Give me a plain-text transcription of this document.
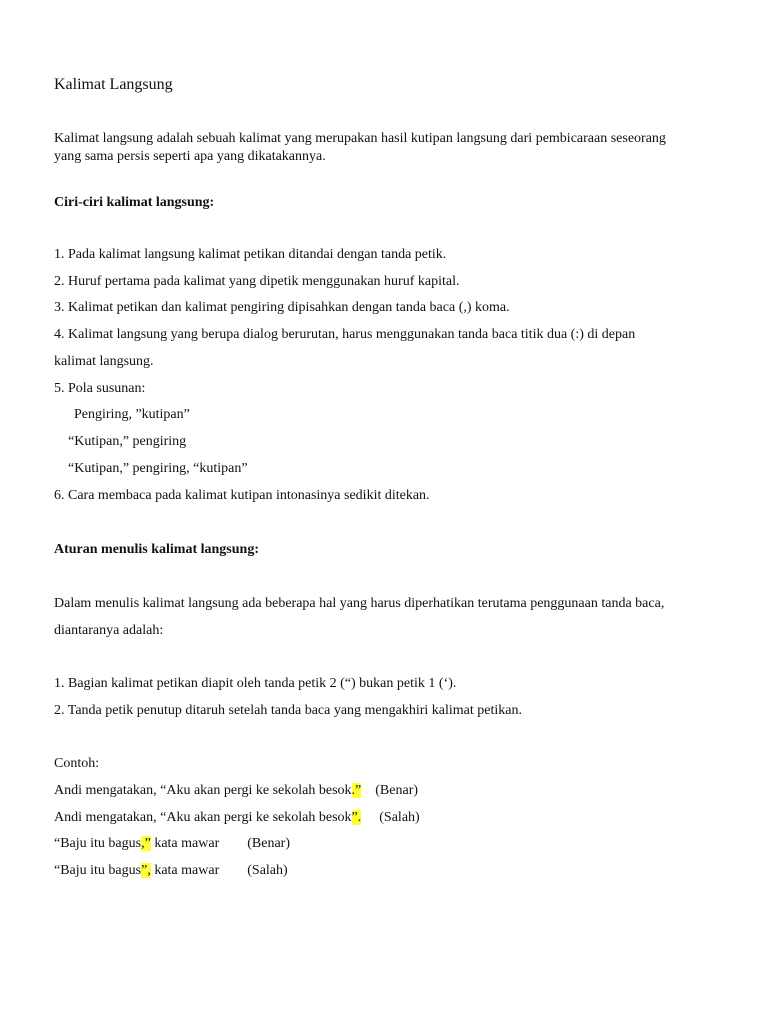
Kalimat Langsung
Kalimat langsung adalah sebuah kalimat yang merupakan hasil kutipan langsung dari pembicaraan seseorang
yang sama persis seperti apa yang dikatakannya.
Ciri-ciri kalimat langsung:
1. Pada kalimat langsung kalimat petikan ditandai dengan tanda petik.
2. Huruf pertama pada kalimat yang dipetik menggunakan huruf kapital.
3. Kalimat petikan dan kalimat pengiring dipisahkan dengan tanda baca (,) koma.
4. Kalimat langsung yang berupa dialog berurutan, harus menggunakan tanda baca titik dua (:) di depan
kalimat langsung.
5. Pola susunan:
Pengiring, ”kutipan”
“Kutipan,” pengiring
“Kutipan,” pengiring, “kutipan”
6. Cara membaca pada kalimat kutipan intonasinya sedikit ditekan.
Aturan menulis kalimat langsung:
Dalam menulis kalimat langsung ada beberapa hal yang harus diperhatikan terutama penggunaan tanda baca,
diantaranya adalah:
1. Bagian kalimat petikan diapit oleh tanda petik 2 (“) bukan petik 1 (‘).
2. Tanda petik penutup ditaruh setelah tanda baca yang mengakhiri kalimat petikan.
Contoh:
Andi mengatakan, “Aku akan pergi ke sekolah besok.” (Benar)
Andi mengatakan, “Aku akan pergi ke sekolah besok”. (Salah)
“Baju itu bagus,” kata mawar (Benar)
“Baju itu bagus”, kata mawar (Salah)
